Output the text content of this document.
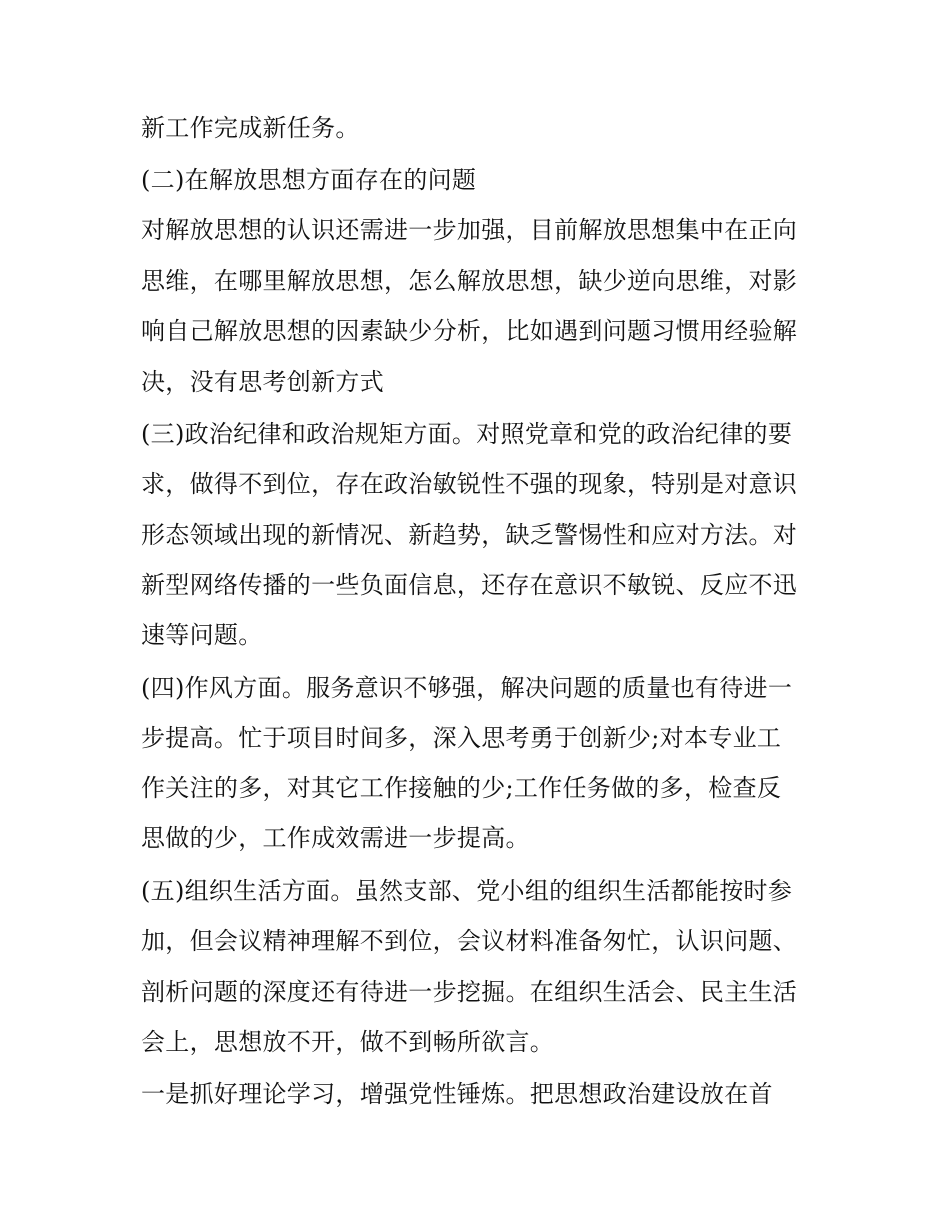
新工作完成新任务。

(二)在解放思想方面存在的问题

对解放思想的认识还需进一步加强，目前解放思想集中在正向

思维，在哪里解放思想，怎么解放思想，缺少逆向思维，对影

响自己解放思想的因素缺少分析，比如遇到问题习惯用经验解

决，没有思考创新方式

(三)政治纪律和政治规矩方面。对照党章和党的政治纪律的要

求，做得不到位，存在政治敏锐性不强的现象，特别是对意识

形态领域出现的新情况、新趋势，缺乏警惕性和应对方法。对

新型网络传播的一些负面信息，还存在意识不敏锐、反应不迅

速等问题。

(四)作风方面。服务意识不够强，解决问题的质量也有待进一

步提高。忙于项目时间多，深入思考勇于创新少;对本专业工

作关注的多，对其它工作接触的少;工作任务做的多，检查反

思做的少，工作成效需进一步提高。

(五)组织生活方面。虽然支部、党小组的组织生活都能按时参

加，但会议精神理解不到位，会议材料准备匆忙，认识问题、

剖析问题的深度还有待进一步挖掘。在组织生活会、民主生活

会上，思想放不开，做不到畅所欲言。

一是抓好理论学习，增强党性锤炼。把思想政治建设放在首
